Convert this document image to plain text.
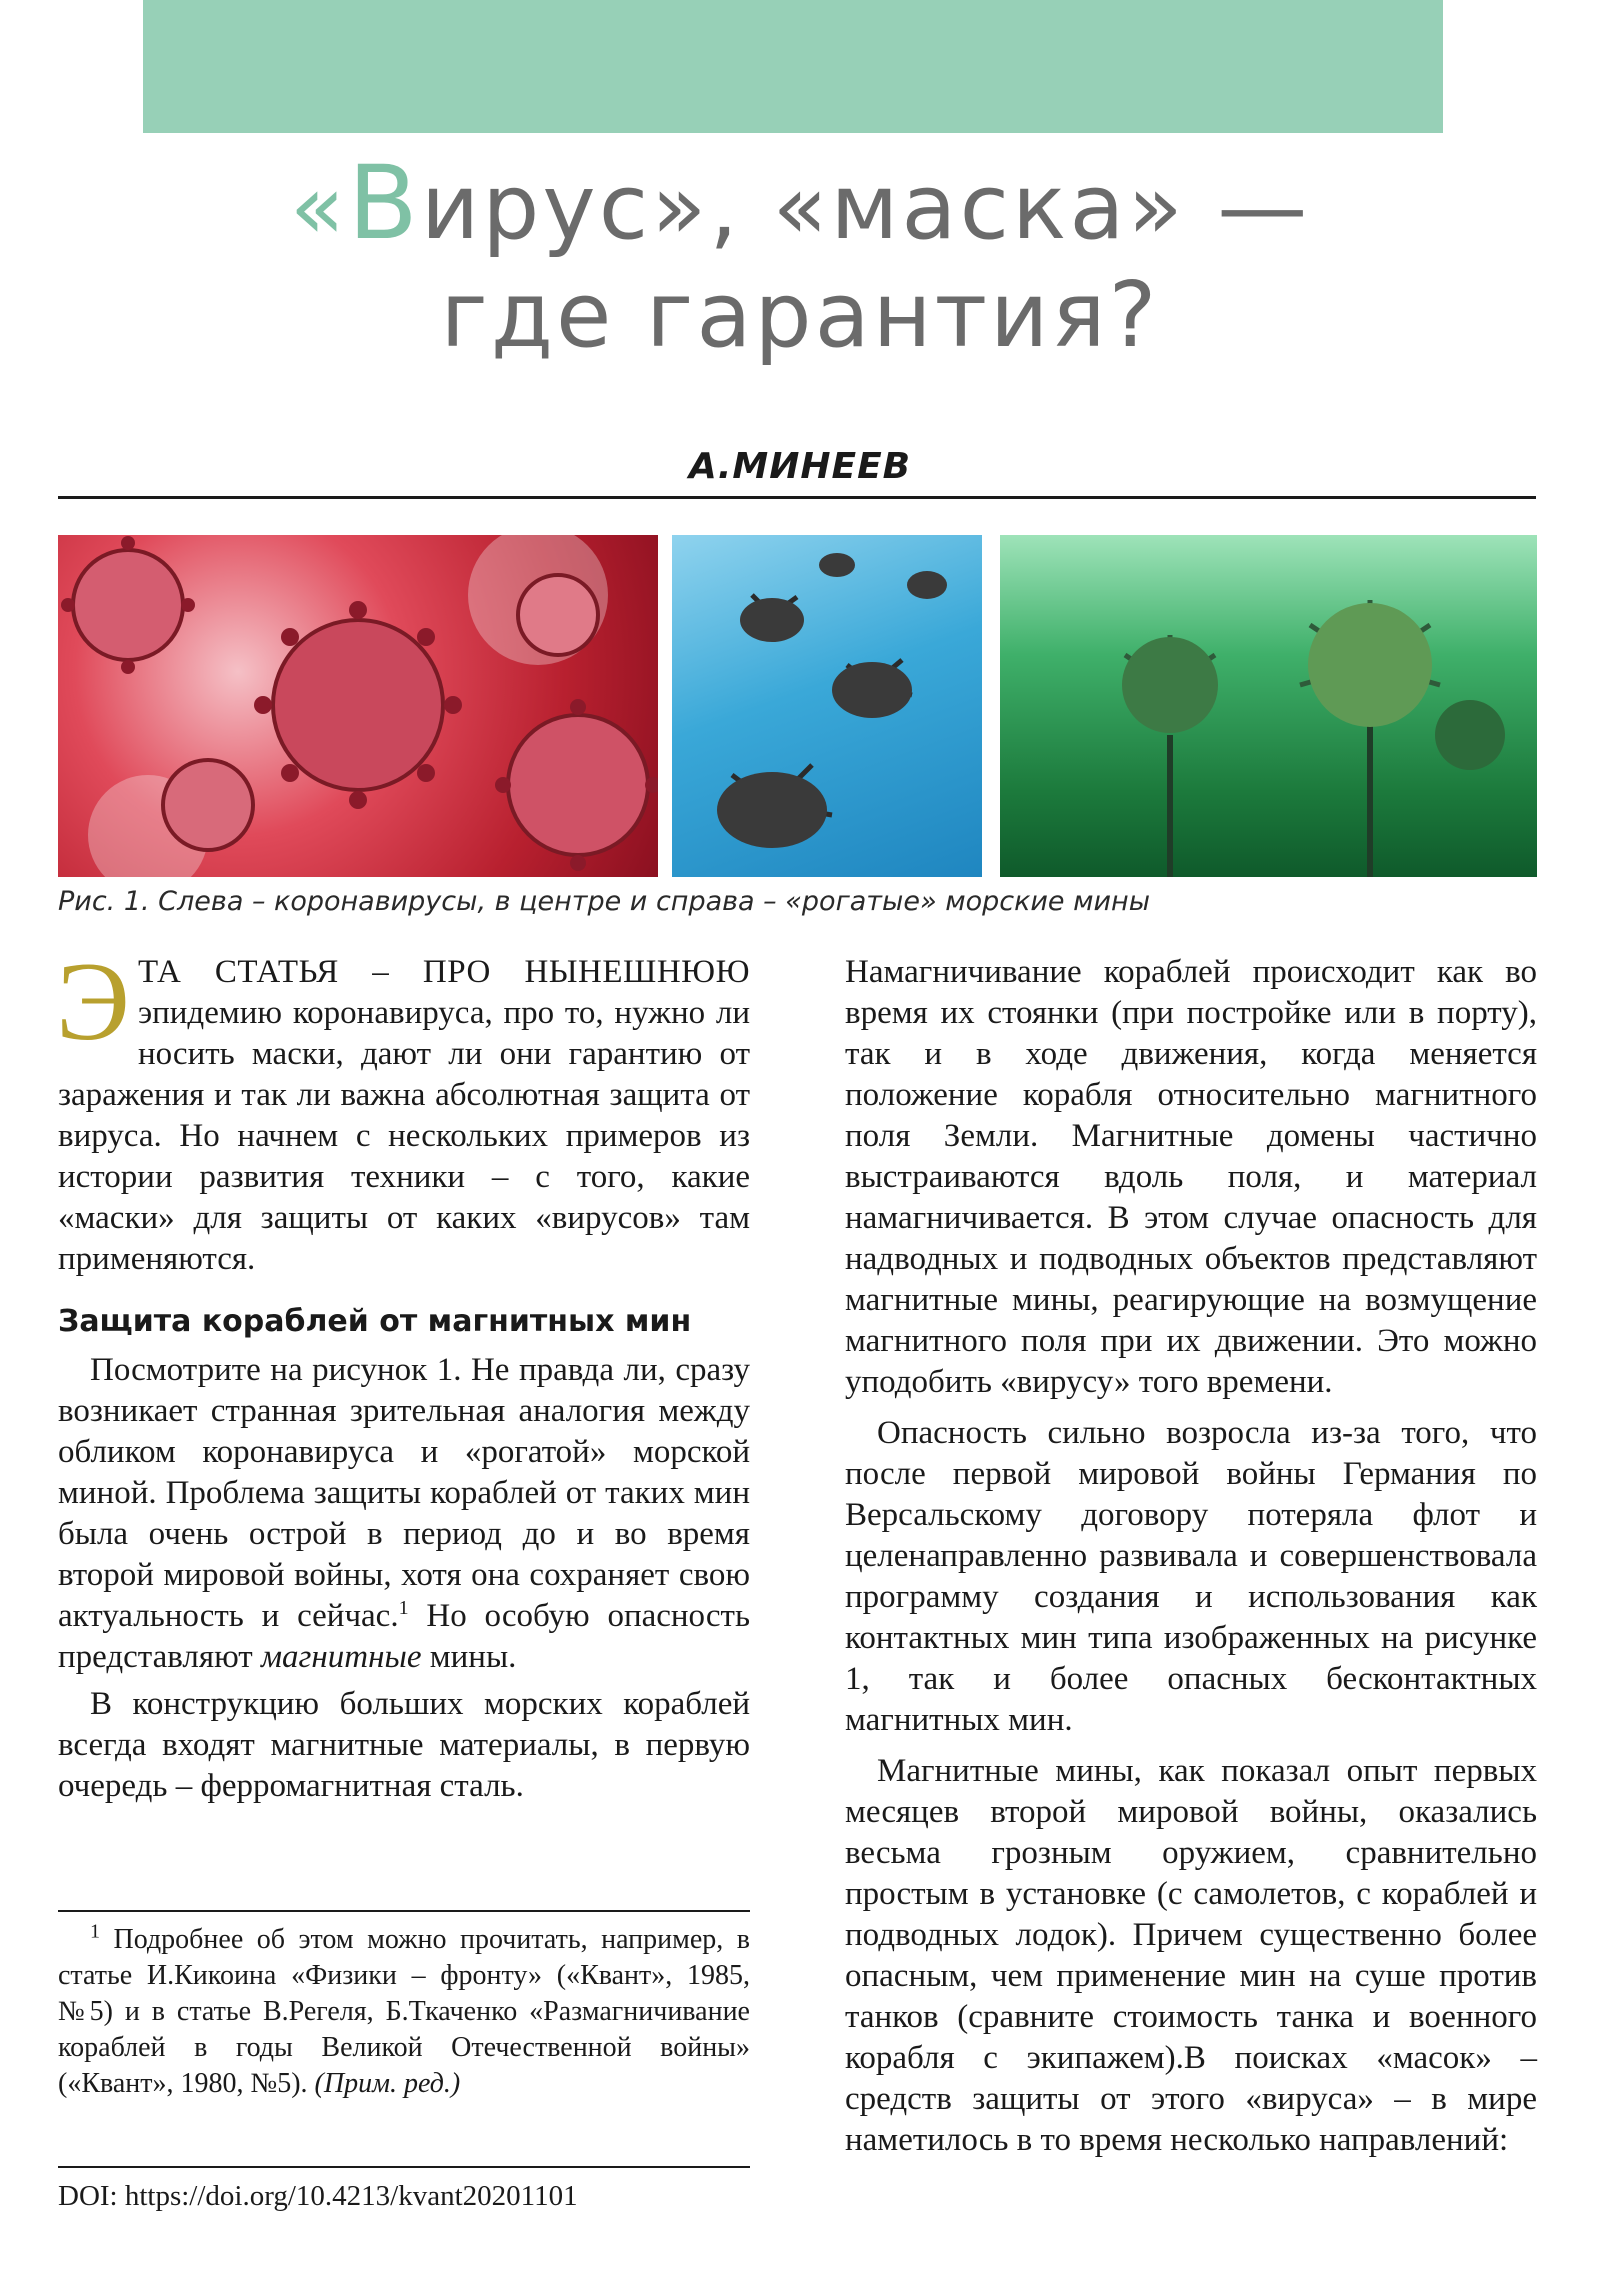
«Вирус», «маска» —
где гарантия?
А.МИНЕЕВ
Рис. 1. Слева – коронавирусы, в центре и справа – «рогатые» морские мины

ЭТА СТАТЬЯ – ПРО НЫНЕШНЮЮ эпидемию коронавируса, про то, нужно ли носить маски, дают ли они гарантию от заражения и так ли важна абсолютная защита от вируса. Но начнем с нескольких примеров из истории развития техники – с того, какие «маски» для защиты от каких «вирусов» там применяются.

Защита кораблей от магнитных мин

Посмотрите на рисунок 1. Не правда ли, сразу возникает странная зрительная аналогия между обликом коронавируса и «рогатой» морской миной. Проблема защиты кораблей от таких мин была очень острой в период до и во время второй мировой войны, хотя она сохраняет свою актуальность и сейчас.$^1$ Но особую опасность представляют магнитные мины.

В конструкцию больших морских кораблей всегда входят магнитные материалы, в первую очередь – ферромагнитная сталь.

$^1$ Подробнее об этом можно прочитать, например, в статье И.Кикоина «Физики – фронту» («Квант», 1985, №5) и в статье В.Регеля, Б.Ткаченко «Размагничивание кораблей в годы Великой Отечественной войны» («Квант», 1980, №5). (Прим. ред.)
DOI: https://doi.org/10.4213/kvant20201101

Намагничивание кораблей происходит как во время их стоянки (при постройке или в порту), так и в ходе движения, когда меняется положение корабля относительно магнитного поля Земли. Магнитные домены частично выстраиваются вдоль поля, и материал намагничивается. В этом случае опасность для надводных и подводных объектов представляют магнитные мины, реагирующие на возмущение магнитного поля при их движении. Это можно уподобить «вирусу» того времени.

Опасность сильно возросла из-за того, что после первой мировой войны Германия по Версальскому договору потеряла флот и целенаправленно развивала и совершенствовала программу создания и использования как контактных мин типа изображенных на рисунке 1, так и более опасных бесконтактных магнитных мин.

Магнитные мины, как показал опыт первых месяцев второй мировой войны, оказались весьма грозным оружием, сравнительно простым в установке (с самолетов, с кораблей и подводных лодок). Причем существенно более опасным, чем применение мин на суше против танков (сравните стоимость танка и военного корабля с экипажем).В поисках «масок» – средств защиты от этого «вируса» – в мире наметилось в то время несколько направлений:
